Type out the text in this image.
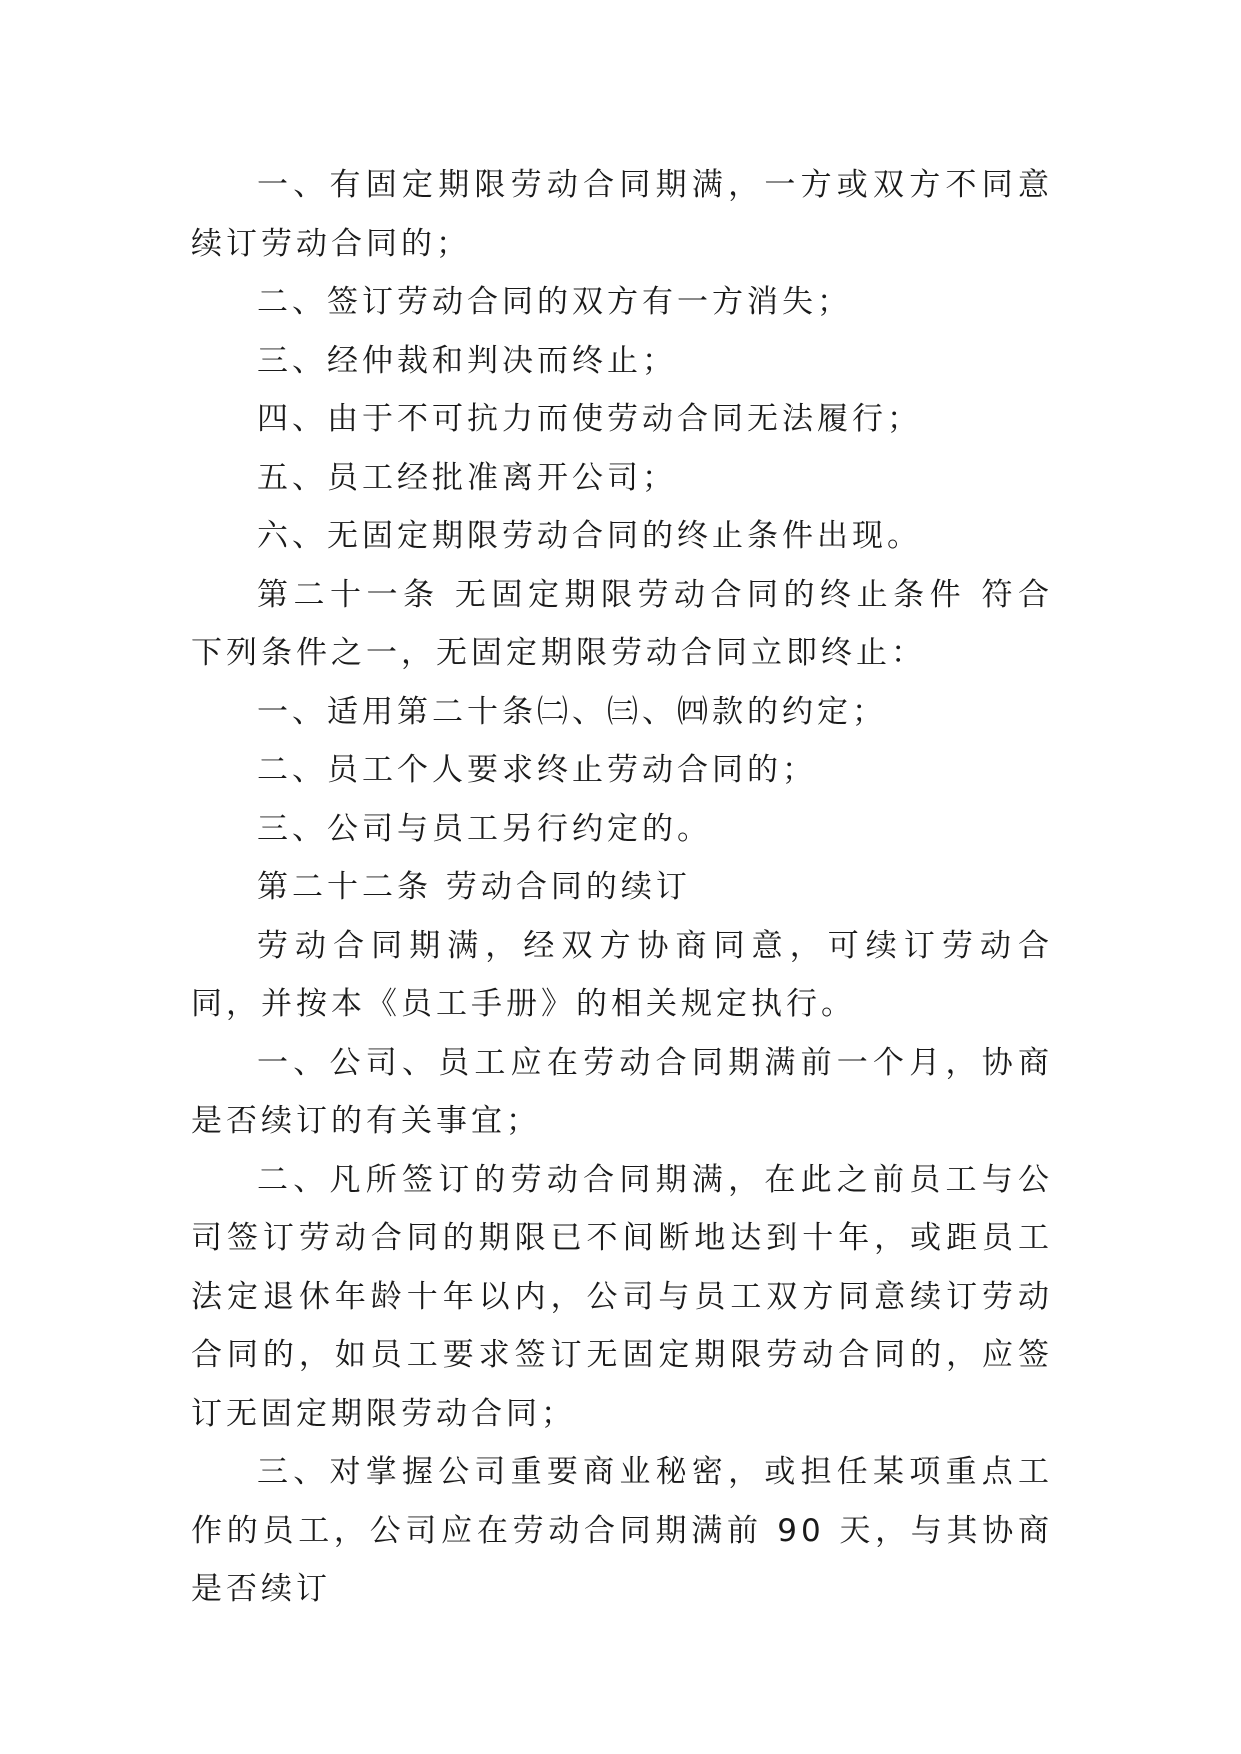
一、有固定期限劳动合同期满，一方或双方不同意续订劳动合同的；

二、签订劳动合同的双方有一方消失；

三、经仲裁和判决而终止；

四、由于不可抗力而使劳动合同无法履行；

五、员工经批准离开公司；

六、无固定期限劳动合同的终止条件出现。

第二十一条 无固定期限劳动合同的终止条件 符合下列条件之一，无固定期限劳动合同立即终止：

一、适用第二十条㈡、㈢、㈣款的约定；

二、员工个人要求终止劳动合同的；

三、公司与员工另行约定的。

第二十二条 劳动合同的续订

劳动合同期满，经双方协商同意，可续订劳动合同，并按本《员工手册》的相关规定执行。

一、公司、员工应在劳动合同期满前一个月，协商是否续订的有关事宜；

二、凡所签订的劳动合同期满，在此之前员工与公司签订劳动合同的期限已不间断地达到十年，或距员工法定退休年龄十年以内，公司与员工双方同意续订劳动合同的，如员工要求签订无固定期限劳动合同的，应签订无固定期限劳动合同；

三、对掌握公司重要商业秘密，或担任某项重点工作的员工，公司应在劳动合同期满前 90 天，与其协商是否续订
